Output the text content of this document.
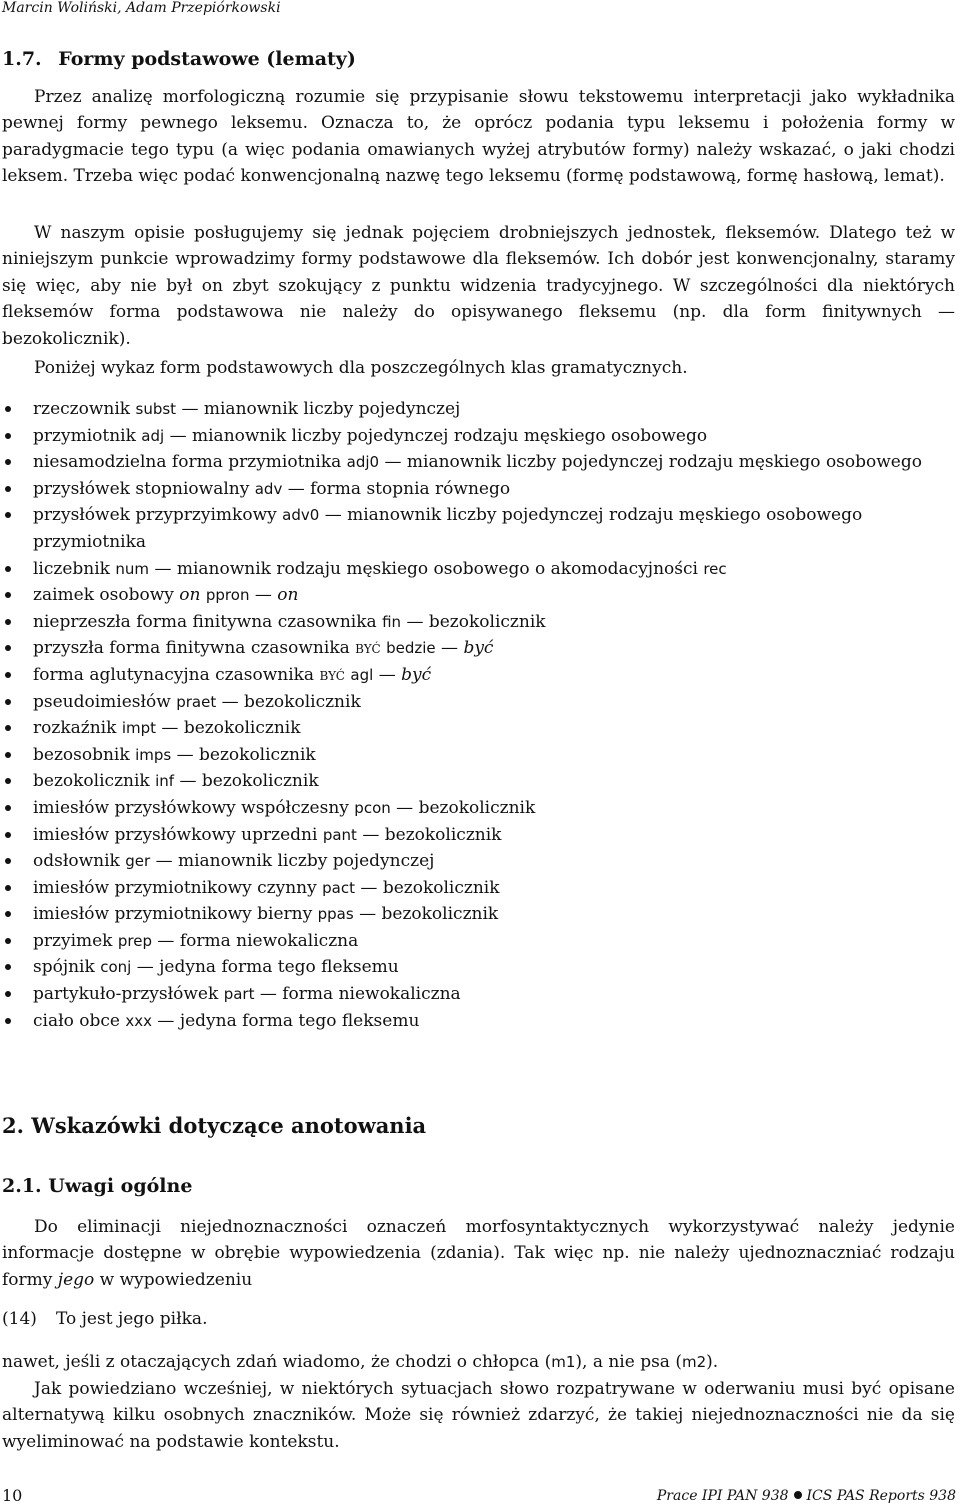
Marcin Woliński, Adam Przepiórkowski
1.7. Formy podstawowe (lematy)

Przez analizę morfologiczną rozumie się przypisanie słowu tekstowemu interpretacji jako wykładnika pewnej formy pewnego leksemu. Oznacza to, że oprócz podania typu leksemu i położenia formy w paradygmacie tego typu (a więc podania omawianych wyżej atrybutów formy) należy wskazać, o jaki chodzi leksem. Trzeba więc podać konwencjonalną nazwę tego leksemu (formę podstawową, formę hasłową, lemat).

W naszym opisie posługujemy się jednak pojęciem drobniejszych jednostek, fleksemów. Dlatego też w niniejszym punkcie wprowadzimy formy podstawowe dla fleksemów. Ich dobór jest konwencjonalny, staramy się więc, aby nie był on zbyt szokujący z punktu widzenia tradycyjnego. W szczególności dla niektórych fleksemów forma podstawowa nie należy do opisywanego fleksemu (np. dla form finitywnych — bezokolicznik).

Poniżej wykaz form podstawowych dla poszczególnych klas gramatycznych.

rzeczownik subst — mianownik liczby pojedynczej
przymiotnik adj — mianownik liczby pojedynczej rodzaju męskiego osobowego
niesamodzielna forma przymiotnika adj0 — mianownik liczby pojedynczej rodzaju męskiego osobowego
przysłówek stopniowalny adv — forma stopnia równego
przysłówek przyprzyimkowy adv0 — mianownik liczby pojedynczej rodzaju męskiego osobowego przymiotnika
liczebnik num — mianownik rodzaju męskiego osobowego o akomodacyjności rec
zaimek osobowy on ppron — on
nieprzeszła forma finitywna czasownika fin — bezokolicznik
przyszła forma finitywna czasownika być bedzie — być
forma aglutynacyjna czasownika być agl — być
pseudoimiesłów praet — bezokolicznik
rozkaźnik impt — bezokolicznik
bezosobnik imps — bezokolicznik
bezokolicznik inf — bezokolicznik
imiesłów przysłówkowy współczesny pcon — bezokolicznik
imiesłów przysłówkowy uprzedni pant — bezokolicznik
odsłownik ger — mianownik liczby pojedynczej
imiesłów przymiotnikowy czynny pact — bezokolicznik
imiesłów przymiotnikowy bierny ppas — bezokolicznik
przyimek prep — forma niewokaliczna
spójnik conj — jedyna forma tego fleksemu
partykuło-przysłówek part — forma niewokaliczna
ciało obce xxx — jedyna forma tego fleksemu
2. Wskazówki dotyczące anotowania
2.1. Uwagi ogólne

Do eliminacji niejednoznaczności oznaczeń morfosyntaktycznych wykorzystywać należy jedynie informacje dostępne w obrębie wypowiedzenia (zdania). Tak więc np. nie należy ujednoznaczniać rodzaju formy jego w wypowiedzeniu

(14) To jest jego piłka.

nawet, jeśli z otaczających zdań wiadomo, że chodzi o chłopca (m1), a nie psa (m2).

Jak powiedziano wcześniej, w niektórych sytuacjach słowo rozpatrywane w oderwaniu musi być opisane alternatywą kilku osobnych znaczników. Może się również zdarzyć, że takiej niejednoznaczności nie da się wyeliminować na podstawie kontekstu.

10	Prace IPI PAN 938 ICS PAS Reports 938
